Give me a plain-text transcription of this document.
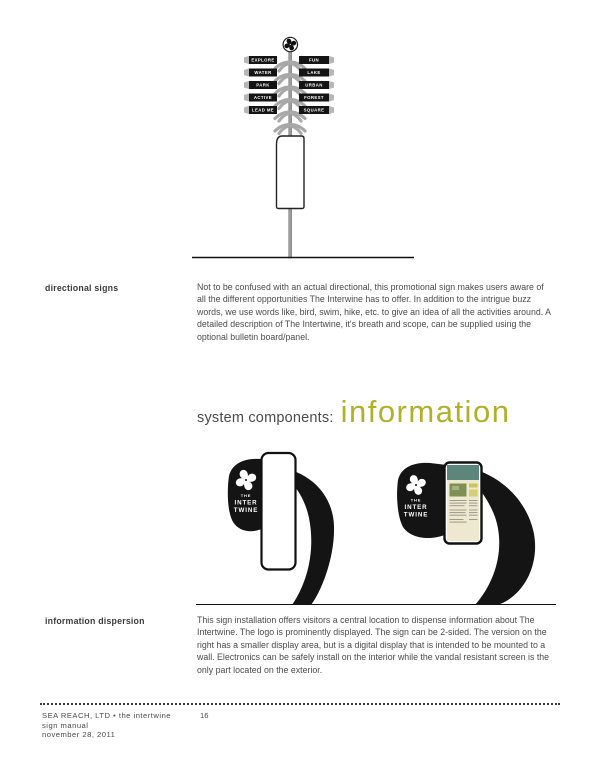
EXPLORE	FUN
WATER	LAKE
PARK	URBAN
ACTIVE	FOREST
LEAD ME	SQUARE
directional signs	Not to be confused with an actual directional, this promotional sign makes users aware of all the different opportunities The Interwine has to offer. In addition to the intrigue buzz words, we use words like, bird, swim, hike, etc. to give an idea of all the activities around. A detailed description of The Intertwine, it's breath and scope, can be supplied using the optional bulletin board/panel.
system components: information
THE
INTER
TWINE
THE
INTER
TWINE
information dispersion	This sign installation offers visitors a central location to dispense information about The Intertwine. The logo is prominently displayed. The sign can be 2-sided. The version on the right has a smaller display area, but is a digital display that is intended to be mounted to a wall. Electronics can be safely install on the interior while the vandal resistant screen is the only part located on the exterior.
SEA REACH, LTD • the intertwine
sign manual
november 28, 2011
16
